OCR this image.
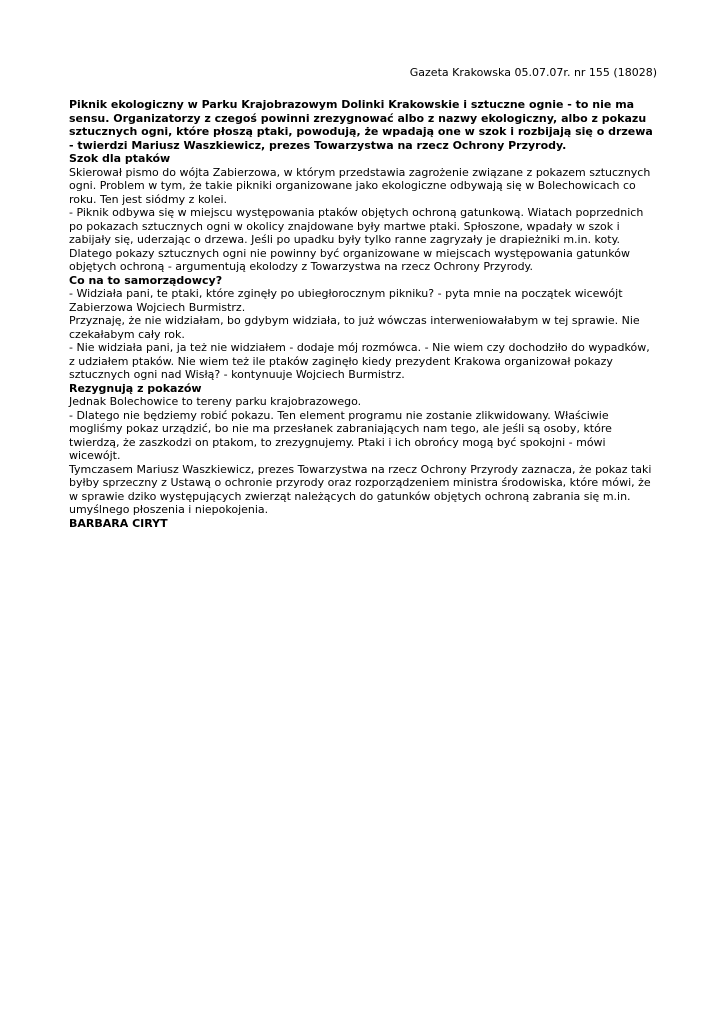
Gazeta Krakowska 05.07.07r. nr 155 (18028)

Piknik ekologiczny w Parku Krajobrazowym Dolinki Krakowskie i sztuczne ognie - to nie ma sensu. Organizatorzy z czegoś powinni zrezygnować albo z nazwy ekologiczny, albo z pokazu sztucznych ogni, które płoszą ptaki, powodują, że wpadają one w szok i rozbijają się o drzewa - twierdzi Mariusz Waszkiewicz, prezes Towarzystwa na rzecz Ochrony Przyrody.

Szok dla ptaków

Skierował pismo do wójta Zabierzowa, w którym przedstawia zagrożenie związane z pokazem sztucznych ogni. Problem w tym, że takie pikniki organizowane jako ekologiczne odbywają się w Bolechowicach co roku. Ten jest siódmy z kolei.

- Piknik odbywa się w miejscu występowania ptaków objętych ochroną gatunkową. Wiatach poprzednich po pokazach sztucznych ogni w okolicy znajdowane były martwe ptaki. Spłoszone, wpadały w szok i zabijały się, uderzając o drzewa. Jeśli po upadku były tylko ranne zagryzały je drapieżniki m.in. koty. Dlatego pokazy sztucznych ogni nie powinny być organizowane w miejscach występowania gatunków objętych ochroną - argumentują ekolodzy z Towarzystwa na rzecz Ochrony Przyrody.

Co na to samorządowcy?

- Widziała pani, te ptaki, które zginęły po ubiegłorocznym pikniku? - pyta mnie na początek wicewójt Zabierzowa Wojciech Burmistrz.

Przyznaję, że nie widziałam, bo gdybym widziała, to już wówczas interweniowałabym w tej sprawie. Nie czekałabym cały rok.

- Nie widziała pani, ja też nie widziałem - dodaje mój rozmówca. - Nie wiem czy dochodziło do wypadków, z udziałem ptaków. Nie wiem też ile ptaków zaginęło kiedy prezydent Krakowa organizował pokazy sztucznych ogni nad Wisłą? - kontynuuje Wojciech Burmistrz.

Rezygnują z pokazów

Jednak Bolechowice to tereny parku krajobrazowego.

- Dlatego nie będziemy robić pokazu. Ten element programu nie zostanie zlikwidowany. Właściwie mogliśmy pokaz urządzić, bo nie ma przesłanek zabraniających nam tego, ale jeśli są osoby, które twierdzą, że zaszkodzi on ptakom, to zrezygnujemy. Ptaki i ich obrońcy mogą być spokojni - mówi wicewójt.

Tymczasem Mariusz Waszkiewicz, prezes Towarzystwa na rzecz Ochrony Przyrody zaznacza, że pokaz taki byłby sprzeczny z Ustawą o ochronie przyrody oraz rozporządzeniem ministra środowiska, które mówi, że w sprawie dziko występujących zwierząt należących do gatunków objętych ochroną zabrania się m.in. umyślnego płoszenia i niepokojenia.

BARBARA CIRYT
